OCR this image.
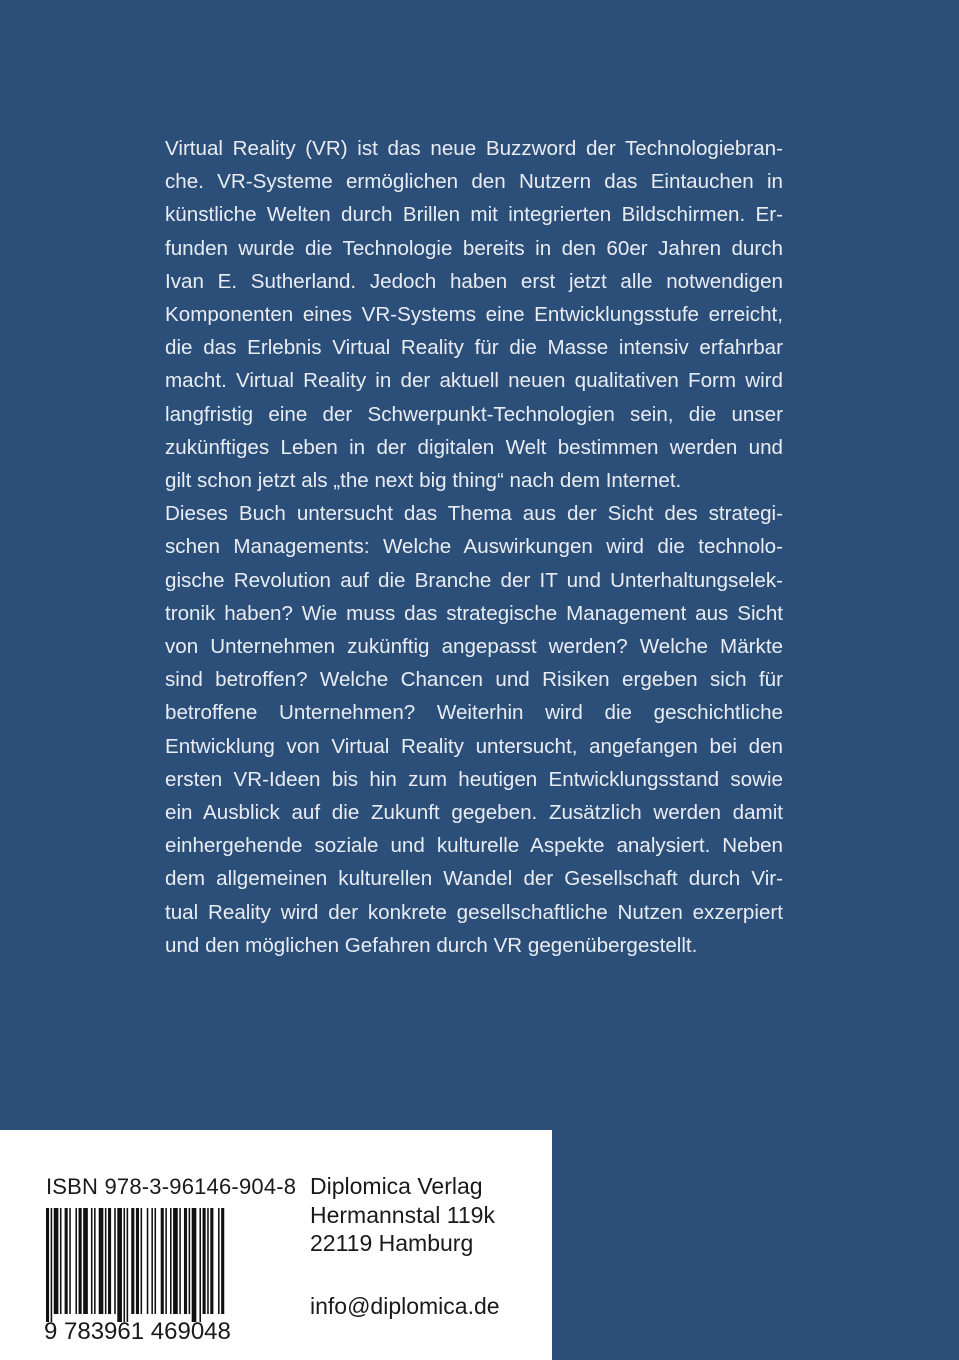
Virtual Reality (VR) ist das neue Buzzword der Technologiebran-
che. VR-Systeme ermöglichen den Nutzern das Eintauchen in
künstliche Welten durch Brillen mit integrierten Bildschirmen. Er-
funden wurde die Technologie bereits in den 60er Jahren durch
Ivan E. Sutherland. Jedoch haben erst jetzt alle notwendigen
Komponenten eines VR-Systems eine Entwicklungsstufe erreicht,
die das Erlebnis Virtual Reality für die Masse intensiv erfahrbar
macht. Virtual Reality in der aktuell neuen qualitativen Form wird
langfristig eine der Schwerpunkt-Technologien sein, die unser
zukünftiges Leben in der digitalen Welt bestimmen werden und
gilt schon jetzt als „the next big thing“ nach dem Internet.
Dieses Buch untersucht das Thema aus der Sicht des strategi-
schen Managements: Welche Auswirkungen wird die technolo-
gische Revolution auf die Branche der IT und Unterhaltungselek-
tronik haben? Wie muss das strategische Management aus Sicht
von Unternehmen zukünftig angepasst werden? Welche Märkte
sind betroffen? Welche Chancen und Risiken ergeben sich für
betroffene Unternehmen? Weiterhin wird die geschichtliche
Entwicklung von Virtual Reality untersucht, angefangen bei den
ersten VR-Ideen bis hin zum heutigen Entwicklungsstand sowie
ein Ausblick auf die Zukunft gegeben. Zusätzlich werden damit
einhergehende soziale und kulturelle Aspekte analysiert. Neben
dem allgemeinen kulturellen Wandel der Gesellschaft durch Vir-
tual Reality wird der konkrete gesellschaftliche Nutzen exzerpiert
und den möglichen Gefahren durch VR gegenübergestellt.

ISBN 978-3-96146-904-8

9 783961 469048

Diplomica Verlag
Hermannstal 119k
22119 Hamburg
info@diplomica.de
